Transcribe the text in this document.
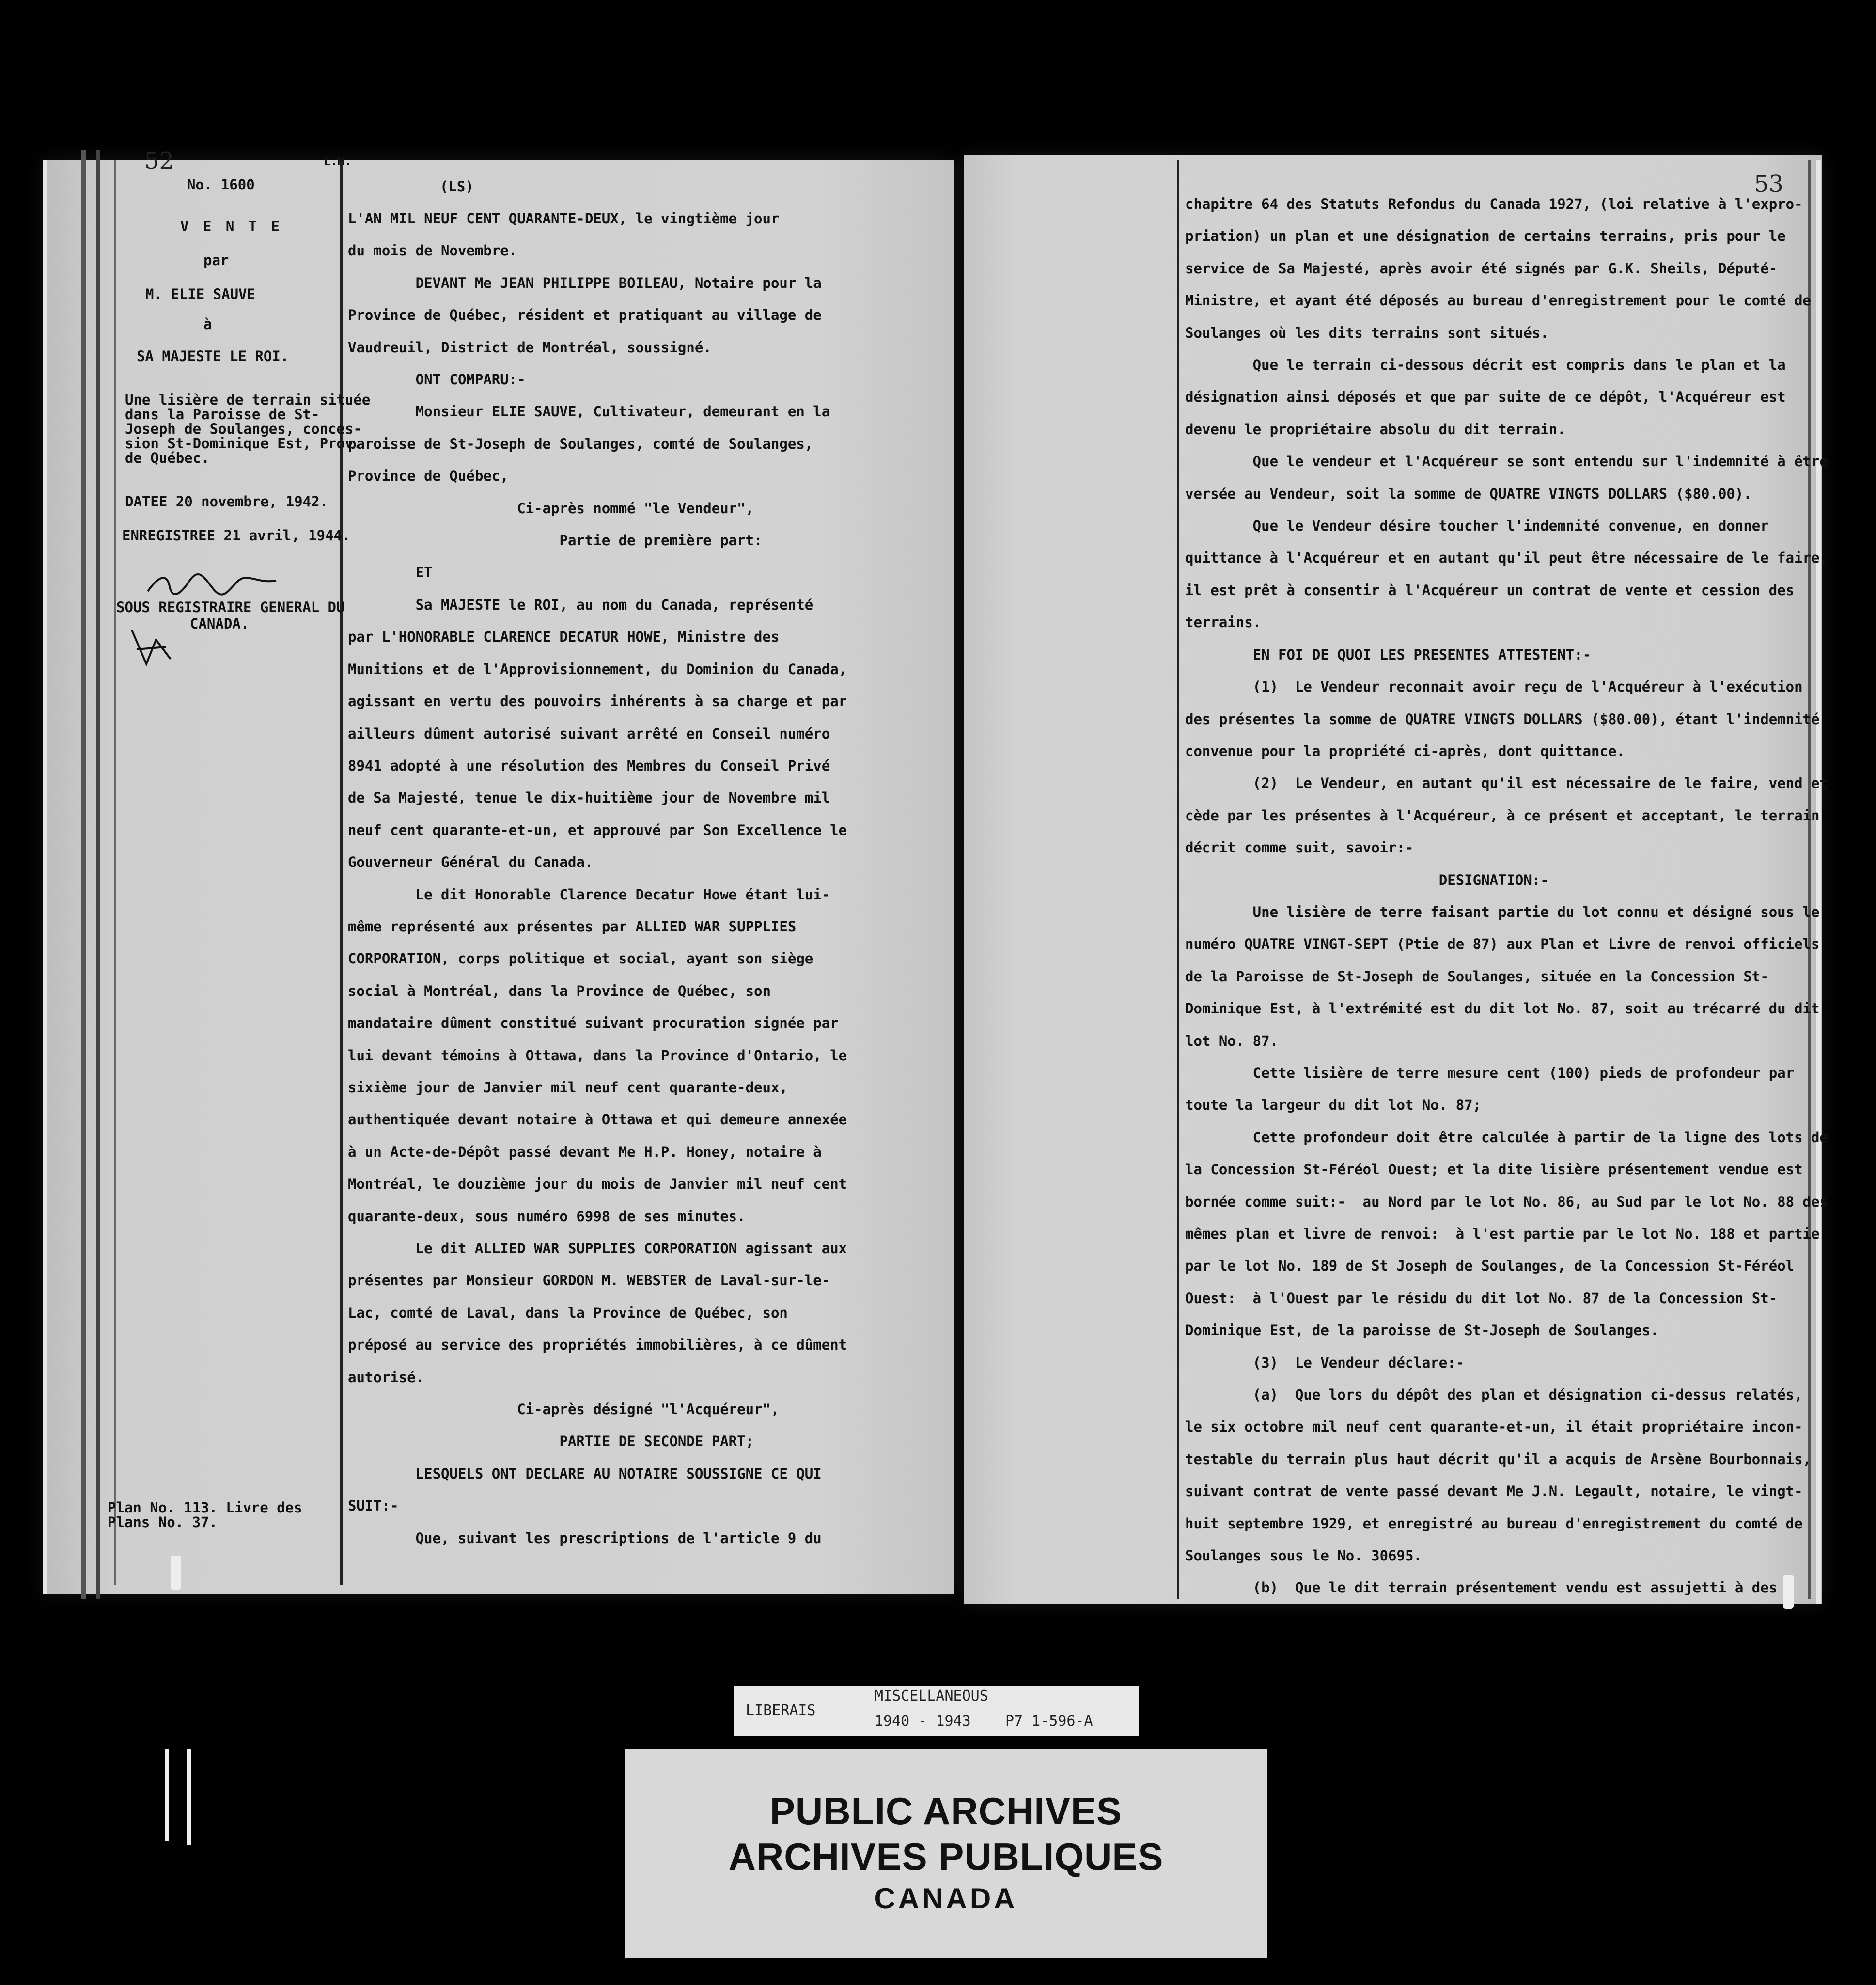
52	L.M.
No. 1600
V E N T E
par
M. ELIE SAUVE
à
SA MAJESTE LE ROI.
Une lisière de terrain située
dans la Paroisse de St-
Joseph de Soulanges, conces-
sion St-Dominique Est, Prov.
de Québec.
DATEE 20 novembre, 1942.
ENREGISTREE 21 avril, 1944.
SOUS REGISTRAIRE GENERAL DU
CANADA.
Plan No. 113. Livre des
Plans No. 37.
(LS)
L'AN MIL NEUF CENT QUARANTE-DEUX, le vingtième jour
du mois de Novembre.
DEVANT Me JEAN PHILIPPE BOILEAU, Notaire pour la
Province de Québec, résident et pratiquant au village de
Vaudreuil, District de Montréal, soussigné.
ONT COMPARU:-
Monsieur ELIE SAUVE, Cultivateur, demeurant en la
paroisse de St-Joseph de Soulanges, comté de Soulanges,
Province de Québec,
Ci-après nommé "le Vendeur",
Partie de première part:
ET
Sa MAJESTE le ROI, au nom du Canada, représenté
par L'HONORABLE CLARENCE DECATUR HOWE, Ministre des
Munitions et de l'Approvisionnement, du Dominion du Canada,
agissant en vertu des pouvoirs inhérents à sa charge et par
ailleurs dûment autorisé suivant arrêté en Conseil numéro
8941 adopté à une résolution des Membres du Conseil Privé
de Sa Majesté, tenue le dix-huitième jour de Novembre mil
neuf cent quarante-et-un, et approuvé par Son Excellence le
Gouverneur Général du Canada.
Le dit Honorable Clarence Decatur Howe étant lui-
même représenté aux présentes par ALLIED WAR SUPPLIES
CORPORATION, corps politique et social, ayant son siège
social à Montréal, dans la Province de Québec, son
mandataire dûment constitué suivant procuration signée par
lui devant témoins à Ottawa, dans la Province d'Ontario, le
sixième jour de Janvier mil neuf cent quarante-deux,
authentiquée devant notaire à Ottawa et qui demeure annexée
à un Acte-de-Dépôt passé devant Me H.P. Honey, notaire à
Montréal, le douzième jour du mois de Janvier mil neuf cent
quarante-deux, sous numéro 6998 de ses minutes.
Le dit ALLIED WAR SUPPLIES CORPORATION agissant aux
présentes par Monsieur GORDON M. WEBSTER de Laval-sur-le-
Lac, comté de Laval, dans la Province de Québec, son
préposé au service des propriétés immobilières, à ce dûment
autorisé.
Ci-après désigné "l'Acquéreur",
PARTIE DE SECONDE PART;
LESQUELS ONT DECLARE AU NOTAIRE SOUSSIGNE CE QUI
SUIT:-
Que, suivant les prescriptions de l'article 9 du
53
chapitre 64 des Statuts Refondus du Canada 1927, (loi relative à l'expro-
priation) un plan et une désignation de certains terrains, pris pour le
service de Sa Majesté, après avoir été signés par G.K. Sheils, Député-
Ministre, et ayant été déposés au bureau d'enregistrement pour le comté de
Soulanges où les dits terrains sont situés.
Que le terrain ci-dessous décrit est compris dans le plan et la
désignation ainsi déposés et que par suite de ce dépôt, l'Acquéreur est
devenu le propriétaire absolu du dit terrain.
Que le vendeur et l'Acquéreur se sont entendu sur l'indemnité à être
versée au Vendeur, soit la somme de QUATRE VINGTS DOLLARS ($80.00).
Que le Vendeur désire toucher l'indemnité convenue, en donner
quittance à l'Acquéreur et en autant qu'il peut être nécessaire de le faire,
il est prêt à consentir à l'Acquéreur un contrat de vente et cession des
terrains.
EN FOI DE QUOI LES PRESENTES ATTESTENT:-
(1)  Le Vendeur reconnait avoir reçu de l'Acquéreur à l'exécution
des présentes la somme de QUATRE VINGTS DOLLARS ($80.00), étant l'indemnité
convenue pour la propriété ci-après, dont quittance.
(2)  Le Vendeur, en autant qu'il est nécessaire de le faire, vend et
cède par les présentes à l'Acquéreur, à ce présent et acceptant, le terrain
décrit comme suit, savoir:-
DESIGNATION:-
Une lisière de terre faisant partie du lot connu et désigné sous le
numéro QUATRE VINGT-SEPT (Ptie de 87) aux Plan et Livre de renvoi officiels
de la Paroisse de St-Joseph de Soulanges, située en la Concession St-
Dominique Est, à l'extrémité est du dit lot No. 87, soit au trécarré du dit
lot No. 87.
Cette lisière de terre mesure cent (100) pieds de profondeur par
toute la largeur du dit lot No. 87;
Cette profondeur doit être calculée à partir de la ligne des lots de
la Concession St-Féréol Ouest; et la dite lisière présentement vendue est
bornée comme suit:-  au Nord par le lot No. 86, au Sud par le lot No. 88 des
mêmes plan et livre de renvoi:  à l'est partie par le lot No. 188 et partie
par le lot No. 189 de St Joseph de Soulanges, de la Concession St-Féréol
Ouest:  à l'Ouest par le résidu du dit lot No. 87 de la Concession St-
Dominique Est, de la paroisse de St-Joseph de Soulanges.
(3)  Le Vendeur déclare:-
(a)  Que lors du dépôt des plan et désignation ci-dessus relatés,
le six octobre mil neuf cent quarante-et-un, il était propriétaire incon-
testable du terrain plus haut décrit qu'il a acquis de Arsène Bourbonnais,
suivant contrat de vente passé devant Me J.N. Legault, notaire, le vingt-
huit septembre 1929, et enregistré au bureau d'enregistrement du comté de
Soulanges sous le No. 30695.
(b)  Que le dit terrain présentement vendu est assujetti à des
LIBERAIS
MISCELLANEOUS
1940 - 1943 P7 1-596-A
PUBLIC ARCHIVES
ARCHIVES PUBLIQUES
CANADA
